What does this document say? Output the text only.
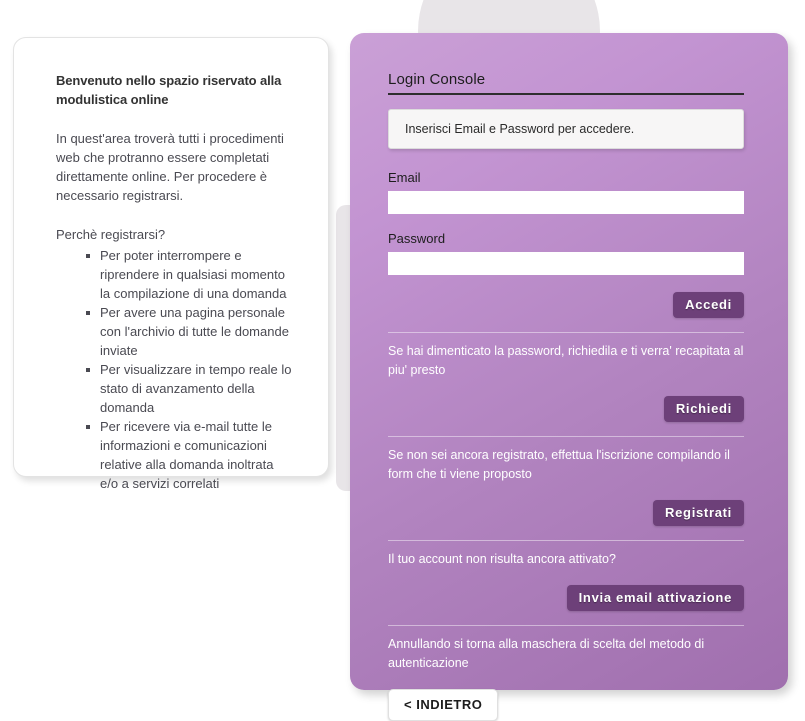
Benvenuto nello spazio riservato alla modulistica online

In quest'area troverà tutti i procedimenti web che protranno essere completati direttamente online. Per procedere è necessario registrarsi.

Perchè registrarsi?

Per poter interrompere e riprendere in qualsiasi momento la compilazione di una domanda
Per avere una pagina personale con l'archivio di tutte le domande inviate
Per visualizzare in tempo reale lo stato di avanzamento della domanda
Per ricevere via e-mail tutte le informazioni e comunicazioni relative alla domanda inoltrata e/o a servizi correlati
Login Console
Inserisci Email e Password per accedere.
Email
Password
Accedi
Se hai dimenticato la password, richiedila e ti verra' recapitata al piu' presto
Richiedi
Se non sei ancora registrato, effettua l'iscrizione compilando il form che ti viene proposto
Registrati
Il tuo account non risulta ancora attivato?
Invia email attivazione
Annullando si torna alla maschera di scelta del metodo di autenticazione
< INDIETRO
